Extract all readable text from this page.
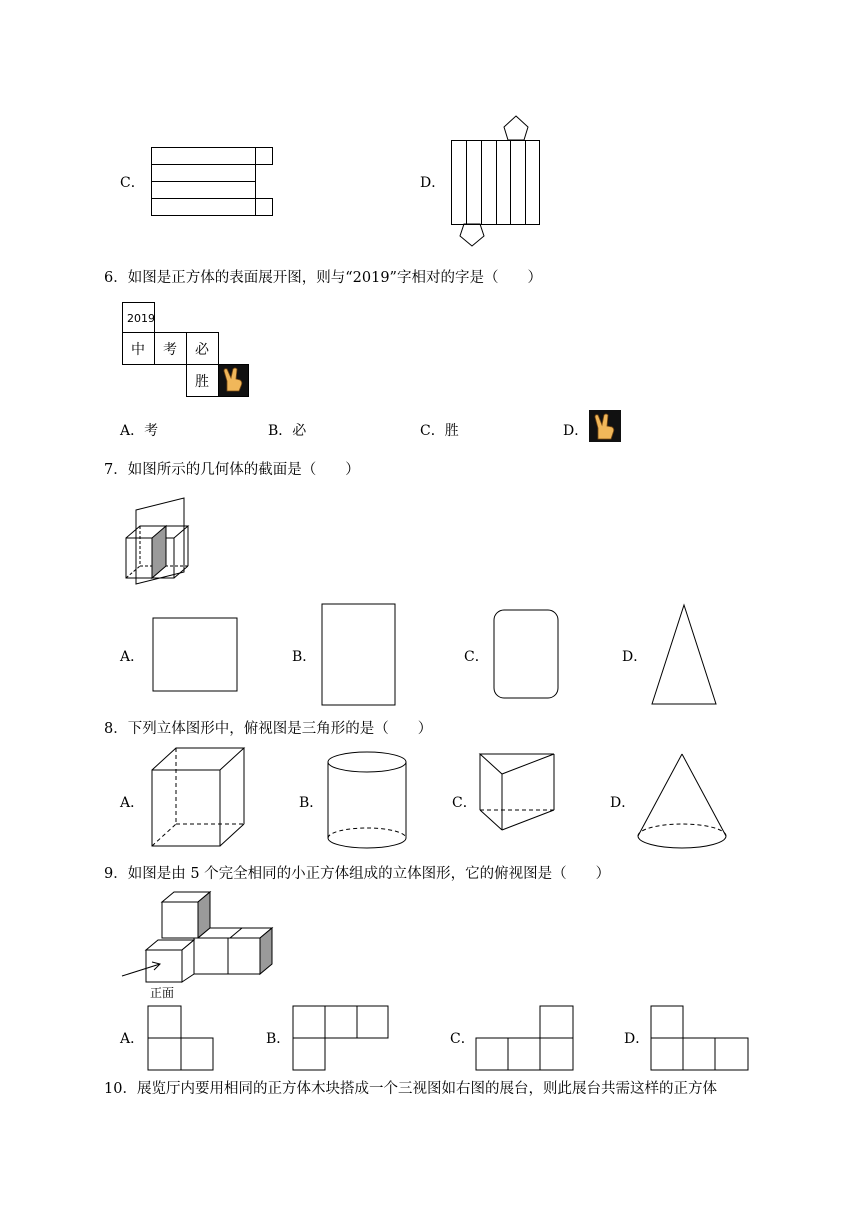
C．	D．
6．如图是正方体的表面展开图，则与“2019”字相对的字是（　　）
2019
中 考 必
胜
A．考	B．必	C．胜	D．
7．如图所示的几何体的截面是（　　）
A．	B．	C．	D．
8．下列立体图形中，俯视图是三角形的是（　　）
A．	B．	C．	D．
9．如图是由 5 个完全相同的小正方体组成的立体图形，它的俯视图是（　　）
正面
A．	B．	C．	D．
10．展览厅内要用相同的正方体木块搭成一个三视图如右图的展台，则此展台共需这样的正方体
